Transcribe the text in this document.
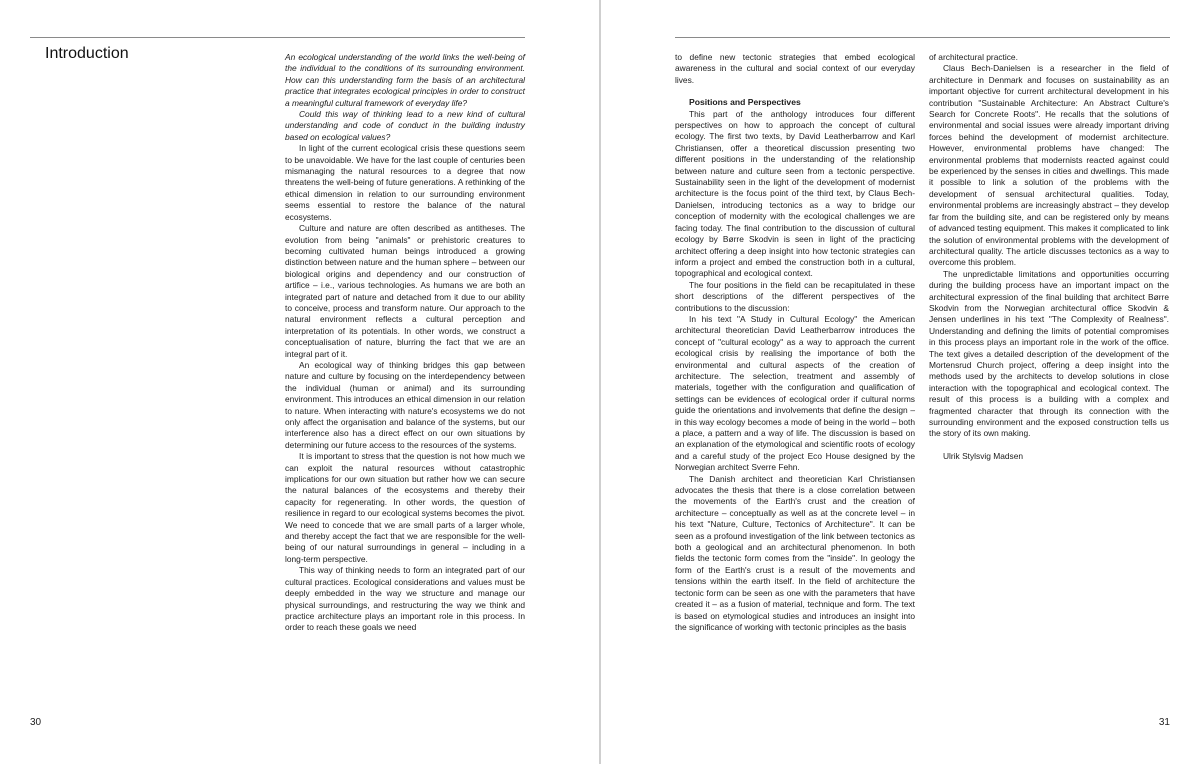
Introduction	An ecological understanding of the world links the well-being of the individual to the conditions of its surrounding environment. How can this understanding form the basis of an architectural practice that integrates ecological principles in order to construct a meaningful cultural framework of everyday life?

Could this way of thinking lead to a new kind of cultural understanding and code of conduct in the building industry based on ecological values?

In light of the current ecological crisis these questions seem to be unavoidable. We have for the last couple of centuries been mismanaging the natural resources to a degree that now threatens the well-being of future generations. A rethinking of the ethical dimension in relation to our surrounding environment seems essential to restore the balance of the natural ecosystems.

Culture and nature are often described as antitheses. The evolution from being "animals" or prehistoric creatures to becoming cultivated human beings introduced a growing distinction between nature and the human sphere – between our biological origins and dependency and our construction of artifice – i.e., various technologies. As humans we are both an integrated part of nature and detached from it due to our ability to conceive, process and transform nature. Our approach to the natural environment reflects a cultural perception and interpretation of its potentials. In other words, we construct a conceptualisation of nature, blurring the fact that we are an integral part of it.

An ecological way of thinking bridges this gap between nature and culture by focusing on the interdependency between the individual (human or animal) and its surrounding environment. This introduces an ethical dimension in our relation to nature. When interacting with nature's ecosystems we do not only affect the organisation and balance of the systems, but our interference also has a direct effect on our own situations by determining our future access to the resources of the systems.

It is important to stress that the question is not how much we can exploit the natural resources without catastrophic implications for our own situation but rather how we can secure the natural balances of the ecosystems and thereby their capacity for regenerating. In other words, the question of resilience in regard to our ecological systems becomes the pivot. We need to concede that we are small parts of a larger whole, and thereby accept the fact that we are responsible for the well-being of our natural surroundings in general – including in a long-term perspective.

This way of thinking needs to form an integrated part of our cultural practices. Ecological considerations and values must be deeply embedded in the way we structure and manage our physical surroundings, and restructuring the way we think and practice architecture plays an important role in this process. In order to reach these goals we need

to define new tectonic strategies that embed ecological awareness in the cultural and social context of our everyday lives.

Positions and Perspectives

This part of the anthology introduces four different perspectives on how to approach the concept of cultural ecology. The first two texts, by David Leatherbarrow and Karl Christiansen, offer a theoretical discussion presenting two different positions in the understanding of the relationship between nature and culture seen from a tectonic perspective. Sustainability seen in the light of the development of modernist architecture is the focus point of the third text, by Claus Bech-Danielsen, introducing tectonics as a way to bridge our conception of modernity with the ecological challenges we are facing today. The final contribution to the discussion of cultural ecology by Børre Skodvin is seen in light of the practicing architect offering a deep insight into how tectonic strategies can inform a project and embed the construction both in a cultural, topographical and ecological context.

The four positions in the field can be recapitulated in these short descriptions of the different perspectives of the contributions to the discussion:

In his text "A Study in Cultural Ecology" the American architectural theoretician David Leatherbarrow introduces the concept of "cultural ecology" as a way to approach the current ecological crisis by realising the importance of both the environmental and cultural aspects of the creation of architecture. The selection, treatment and assembly of materials, together with the configuration and qualification of settings can be evidences of ecological order if cultural norms guide the orientations and involvements that define the design – in this way ecology becomes a mode of being in the world – both a place, a pattern and a way of life. The discussion is based on an explanation of the etymological and scientific roots of ecology and a careful study of the project Eco House designed by the Norwegian architect Sverre Fehn.

The Danish architect and theoretician Karl Christiansen advocates the thesis that there is a close correlation between the movements of the Earth's crust and the creation of architecture – conceptually as well as at the concrete level – in his text "Nature, Culture, Tectonics of Architecture". It can be seen as a profound investigation of the link between tectonics as both a geological and an architectural phenomenon. In both fields the tectonic form comes from the "inside". In geology the form of the Earth's crust is a result of the movements and tensions within the earth itself. In the field of architecture the tectonic form can be seen as one with the parameters that have created it – as a fusion of material, technique and form. The text is based on etymological studies and introduces an insight into the significance of working with tectonic principles as the basis

of architectural practice.

Claus Bech-Danielsen is a researcher in the field of architecture in Denmark and focuses on sustainability as an important objective for current architectural development in his contribution "Sustainable Architecture: An Abstract Culture's Search for Concrete Roots". He recalls that the solutions of environmental and social issues were already important driving forces behind the development of modernist architecture. However, environmental problems have changed: The environmental problems that modernists reacted against could be experienced by the senses in cities and dwellings. This made it possible to link a solution of the problems with the development of sensual architectural qualities. Today, environmental problems are increasingly abstract – they develop far from the building site, and can be registered only by means of advanced testing equipment. This makes it complicated to link the solution of environmental problems with the development of architectural quality. The article discusses tectonics as a way to overcome this problem.

The unpredictable limitations and opportunities occurring during the building process have an important impact on the architectural expression of the final building that architect Børre Skodvin from the Norwegian architectural office Skodvin & Jensen underlines in his text "The Complexity of Realness". Understanding and defining the limits of potential compromises in this process plays an important role in the work of the office. The text gives a detailed description of the development of the Mortensrud Church project, offering a deep insight into the methods used by the architects to develop solutions in close interaction with the topographical and ecological context. The result of this process is a building with a complex and fragmented character that through its connection with the surrounding environment and the exposed construction tells us the story of its own making.

Ulrik Stylsvig Madsen

30	31
